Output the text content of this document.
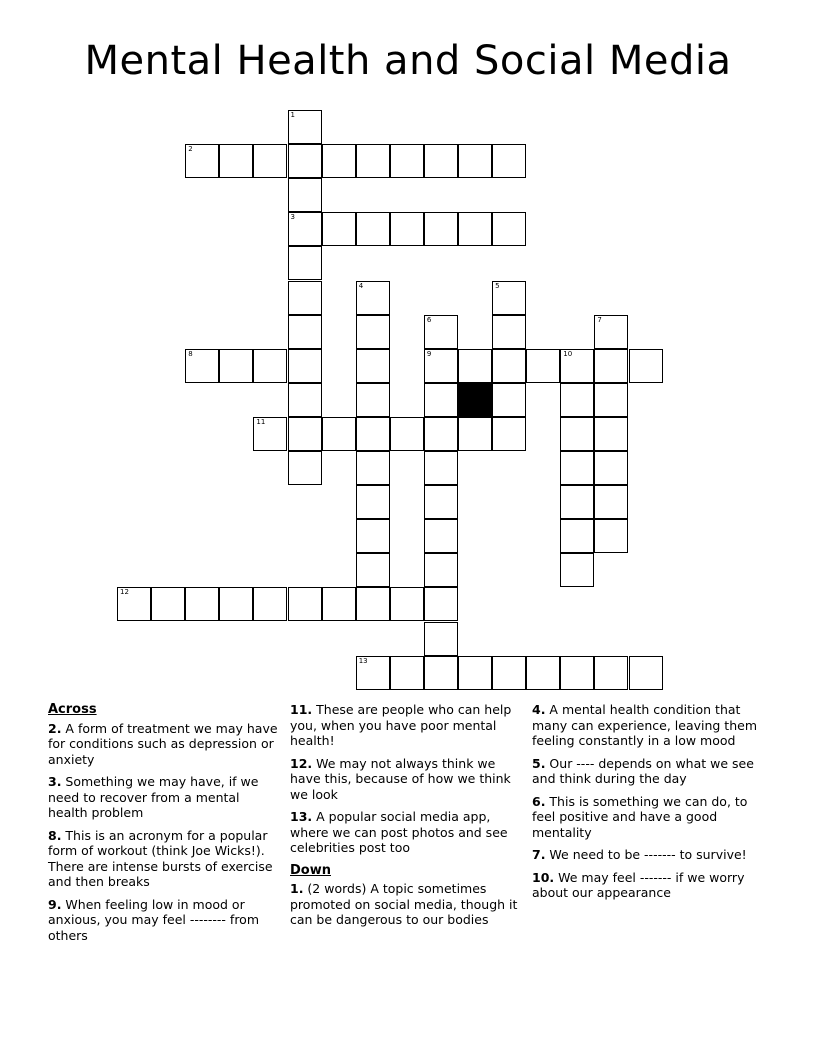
Mental Health and Social Media
1
2
3
4	5
6	7
8	9	10
11
12
13
Across
2. A form of treatment we may have for conditions such as depression or anxiety
3. Something we may have, if we need to recover from a mental health problem
8. This is an acronym for a popular form of workout (think Joe Wicks!). There are intense bursts of exercise and then breaks
9. When feeling low in mood or anxious, you may feel -------- from others
11. These are people who can help you, when you have poor mental health!
12. We may not always think we have this, because of how we think we look
13. A popular social media app, where we can post photos and see celebrities post too
Down
1. (2 words) A topic sometimes promoted on social media, though it can be dangerous to our bodies
4. A mental health condition that many can experience, leaving them feeling constantly in a low mood
5. Our ---- depends on what we see and think during the day
6. This is something we can do, to feel positive and have a good mentality
7. We need to be ------- to survive!
10. We may feel ------- if we worry about our appearance
